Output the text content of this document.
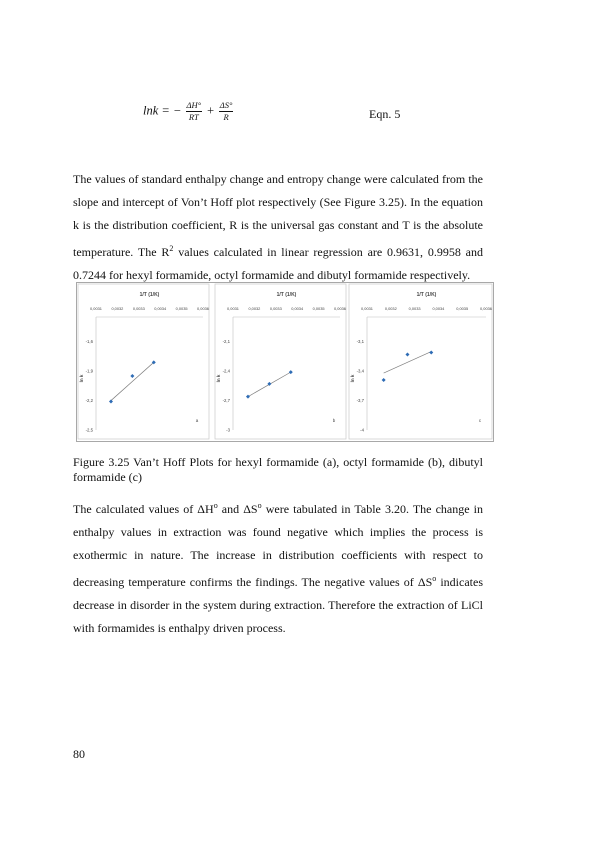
lnk = − $\frac{\Delta H^\circ}{RT} + \frac{\Delta S^\circ}{R}$	Eqn. 5

The values of standard enthalpy change and entropy change were calculated from the slope and intercept of Von’t Hoff plot respectively (See Figure 3.25). In the equation k is the distribution coefficient, R is the universal gas constant and T is the absolute temperature. The $R^2$ values calculated in linear regression are 0.9631, 0.9958 and 0.7244 for hexyl formamide, octyl formamide and dibutyl formamide respectively.

1/T (1/K)
0,0031 0,0032 0,0033 0,0034 0,0035 0,0036
-1,6
-1,9
-2,2
-2,5
ln k
a
1/T (1/K)
0,0031 0,0032 0,0033 0,0034 0,0035 0,0036
-2,1
-2,4
-2,7
-3
ln k
b
1/T (1/K)
0,0031	0,0032	0,0033	0,0034	0,0035	0,0036
-3,1
-3,4
-3,7
-4
ln k
c

Figure 3.25 Van’t Hoff Plots for hexyl formamide (a), octyl formamide (b), dibutyl formamide (c)

The calculated values of $\Delta H^o$ and $\Delta S^o$ were tabulated in Table 3.20. The change in enthalpy values in extraction was found negative which implies the process is exothermic in nature. The increase in distribution coefficients with respect to decreasing temperature confirms the findings. The negative values of $\Delta S^o$ indicates decrease in disorder in the system during extraction. Therefore the extraction of LiCl with formamides is enthalpy driven process.

80
